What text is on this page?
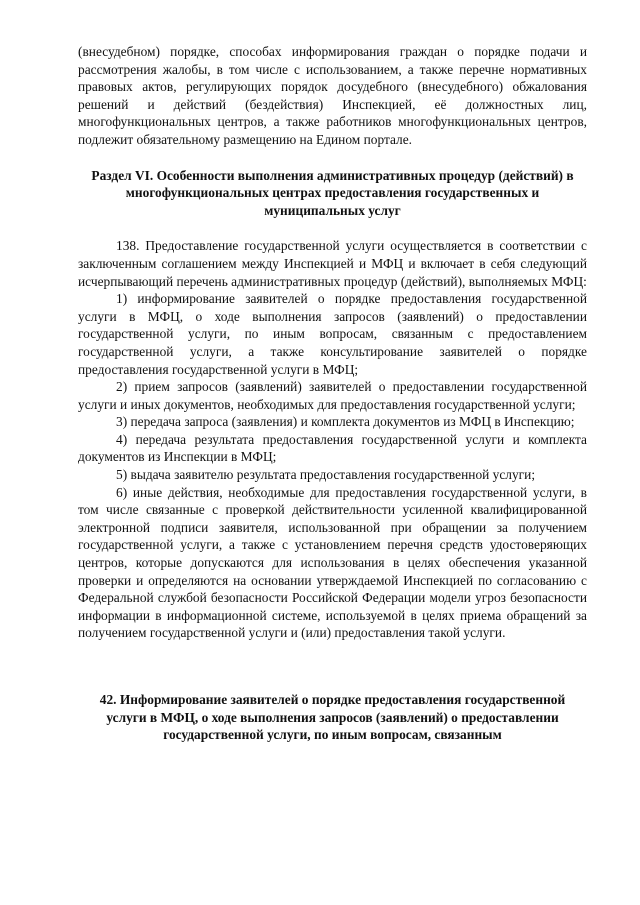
(внесудебном) порядке, способах информирования граждан о порядке подачи и рассмотрения жалобы, в том числе с использованием, а также перечне нормативных правовых актов, регулирующих порядок досудебного (внесудебного) обжалования решений и действий (бездействия) Инспекцией, её должностных лиц, многофункциональных центров, а также работников многофункциональных центров, подлежит обязательному размещению на Едином портале.

Раздел VI. Особенности выполнения административных процедур (действий) в многофункциональных центрах предоставления государственных и муниципальных услуг

138. Предоставление государственной услуги осуществляется в соответствии с заключенным соглашением между Инспекцией и МФЦ и включает в себя следующий исчерпывающий перечень административных процедур (действий), выполняемых МФЦ:

1) информирование заявителей о порядке предоставления государственной услуги в МФЦ, о ходе выполнения запросов (заявлений) о предоставлении государственной услуги, по иным вопросам, связанным с предоставлением государственной услуги, а также консультирование заявителей о порядке предоставления государственной услуги в МФЦ;

2) прием запросов (заявлений) заявителей о предоставлении государственной услуги и иных документов, необходимых для предоставления государственной услуги;

3) передача запроса (заявления) и комплекта документов из МФЦ в Инспекцию;

4) передача результата предоставления государственной услуги и комплекта документов из Инспекции в МФЦ;

5) выдача заявителю результата предоставления государственной услуги;

6) иные действия, необходимые для предоставления государственной услуги, в том числе связанные с проверкой действительности усиленной квалифицированной электронной подписи заявителя, использованной при обращении за получением государственной услуги, а также с установлением перечня средств удостоверяющих центров, которые допускаются для использования в целях обеспечения указанной проверки и определяются на основании утверждаемой Инспекцией по согласованию с Федеральной службой безопасности Российской Федерации модели угроз безопасности информации в информационной системе, используемой в целях приема обращений за получением государственной услуги и (или) предоставления такой услуги.

42. Информирование заявителей о порядке предоставления государственной услуги в МФЦ, о ходе выполнения запросов (заявлений) о предоставлении государственной услуги, по иным вопросам, связанным
